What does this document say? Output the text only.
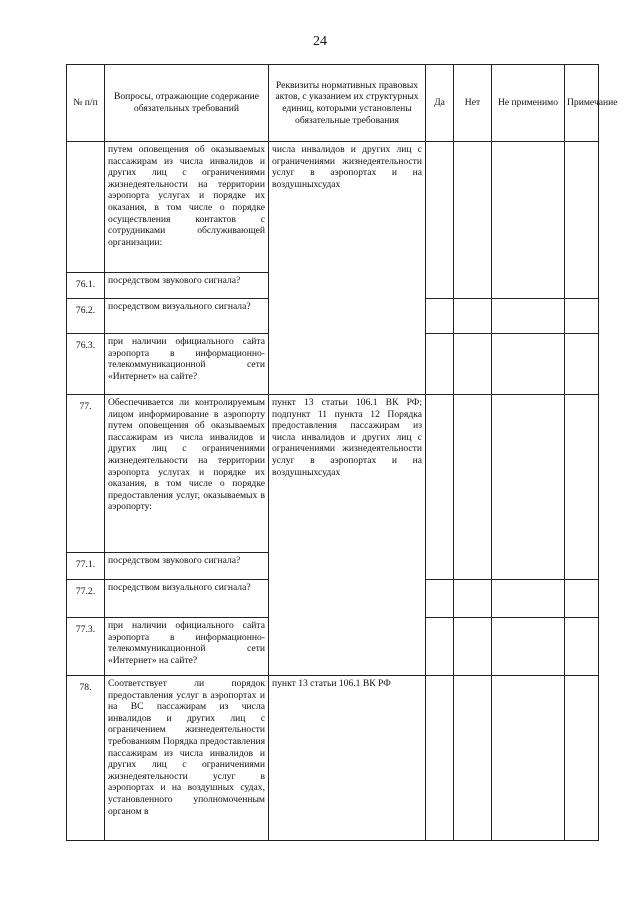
24
№ п/п	Вопросы, отражающие содержание обязательных требований	Реквизиты нормативных правовых актов, с указанием их структурных единиц, которыми установлены обязательные требования	Да	Нет	Не применимо	Примечание
	путем оповещения об оказываемых пассажирам из числа инвалидов и других лиц с ограничениями жизнедеятельности на территории аэропорта услугах и порядке их оказания, в том числе о порядке осуществления контактов с сотрудниками обслуживающей организации:	числа инвалидов и других лиц с ограничениями жизнедеятельности услуг в аэропортах и на воздушныхсудах				
76.1.	посредством звукового сигнала?					
76.2.	посредством визуального сигнала?					
76.3.	при наличии официального сайта аэропорта в информационно-телекоммуникационной сети «Интернет» на сайте?					
77.	Обеспечивается ли контролируемым лицом информирование в аэропорту путем оповещения об оказываемых пассажирам из числа инвалидов и других лиц с ограничениями жизнедеятельности на территории аэропорта услугах и порядке их оказания, в том числе о порядке предоставления услуг, оказываемых в аэропорту:	пункт 13 статьи 106.1 ВК РФ; подпункт 11 пункта 12 Порядка предоставления пассажирам из числа инвалидов и других лиц с ограничениями жизнедеятельности услуг в аэропортах и на воздушныхсудах				
77.1.	посредством звукового сигнала?					
77.2.	посредством визуального сигнала?					
77.3.	при наличии официального сайта аэропорта в информационно-телекоммуникационной сети «Интернет» на сайте?					
78.	Соответствует ли порядок предоставления услуг в аэропортах и на ВС пассажирам из числа инвалидов и других лиц с ограничением жизнедеятельности требованиям Порядка предоставления пассажирам из числа инвалидов и других лиц с ограничениями жизнедеятельности услуг в аэропортах и на воздушных судах, установленного уполномоченным органом в	пункт 13 статьи 106.1 ВК РФ				
